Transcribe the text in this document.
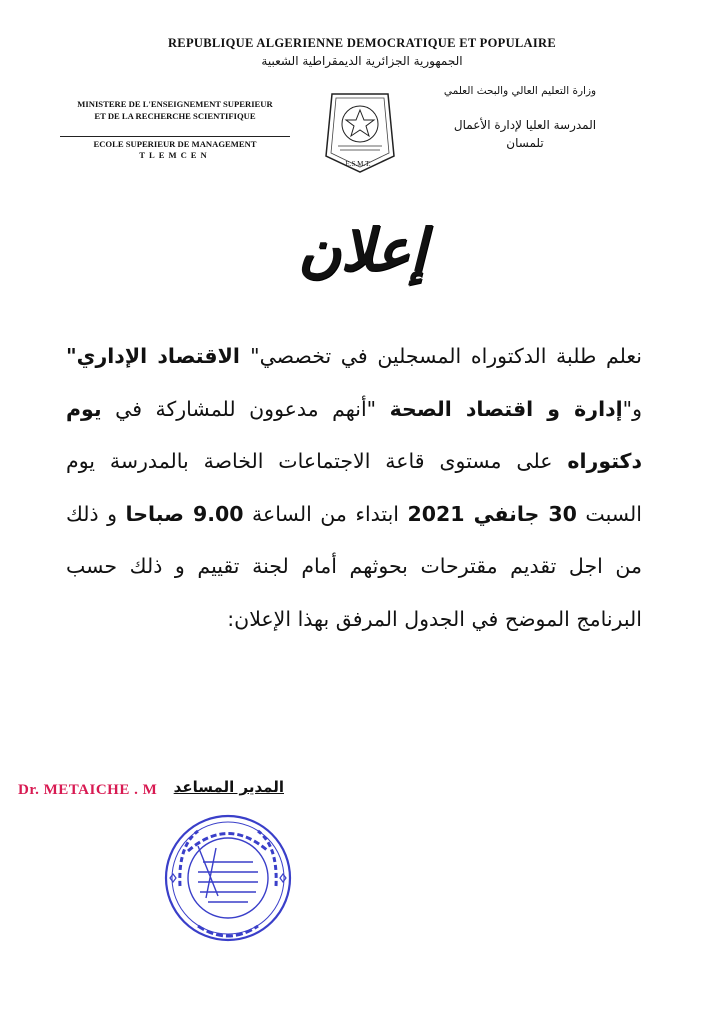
REPUBLIQUE ALGERIENNE DEMOCRATIQUE ET POPULAIRE
الجمهورية الجزائرية الديمقراطية الشعبية
MINISTERE DE L'ENSEIGNEMENT SUPERIEUR
ET DE LA RECHERCHE SCIENTIFIQUE
ECOLE SUPERIEUR DE MANAGEMENT
TLEMCEN
وزارة التعليم العالي والبحث العلمي
المدرسة العليا لإدارة الأعمال
تلمسان
E.S.M.T.
إعلان
نعلم طلبة الدكتوراه المسجلين في تخصصي" الاقتصاد الإداري" و"إدارة و اقتصاد الصحة "أنهم مدعوون للمشاركة في يوم دكتوراه على مستوى قاعة الاجتماعات الخاصة بالمدرسة يوم السبت 30 جانفي 2021 ابتداء من الساعة 9.00 صباحا و ذلك من اجل تقديم مقترحات بحوثهم أمام لجنة تقييم و ذلك حسب البرنامج الموضح في الجدول المرفق بهذا الإعلان:
Dr. METAICHE . M	المدير المساعد
